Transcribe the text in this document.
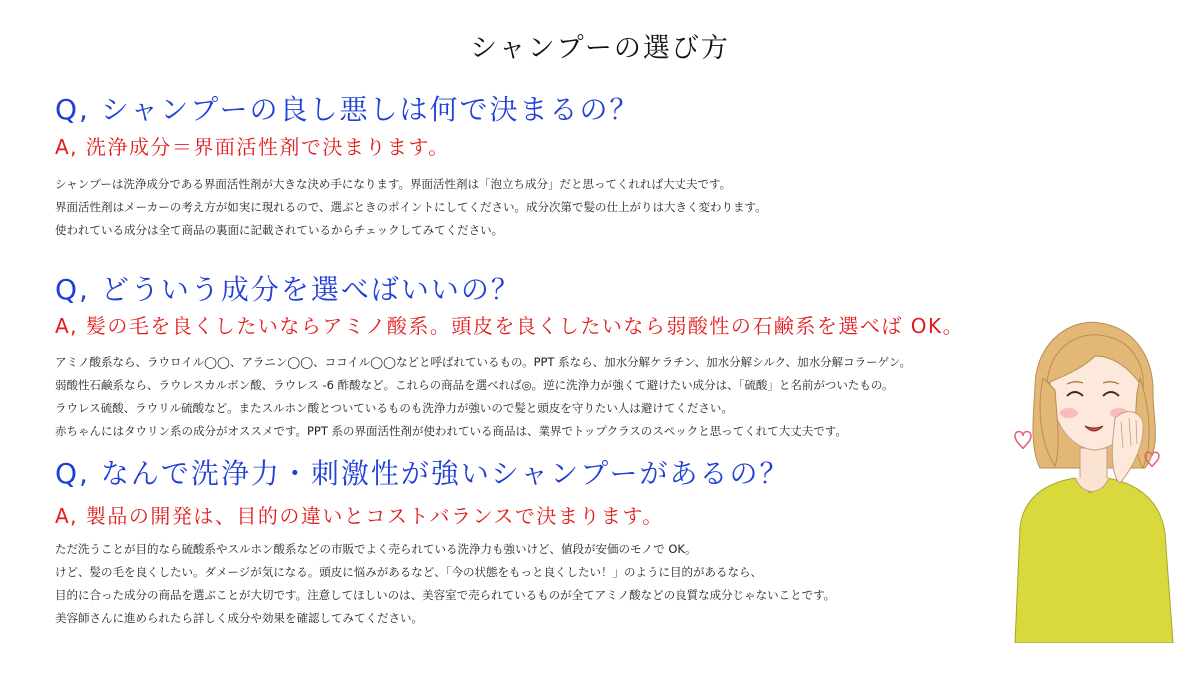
シャンプーの選び方
Q, シャンプーの良し悪しは何で決まるの？
A, 洗浄成分＝界面活性剤で決まります。
シャンプーは洗浄成分である界面活性剤が大きな決め手になります。界面活性剤は「泡立ち成分」だと思ってくれれば大丈夫です。
界面活性剤はメーカーの考え方が如実に現れるので、選ぶときのポイントにしてください。成分次第で髪の仕上がりは大きく変わります。
使われている成分は全て商品の裏面に記載されているからチェックしてみてください。
Q, どういう成分を選べばいいの？
A, 髪の毛を良くしたいならアミノ酸系。頭皮を良くしたいなら弱酸性の石鹸系を選べば OK。
アミノ酸系なら、ラウロイル◯◯、アラニン◯◯、ココイル◯◯などと呼ばれているもの。PPT 系なら、加水分解ケラチン、加水分解シルク、加水分解コラーゲン。
弱酸性石鹸系なら、ラウレスカルボン酸、ラウレス -6 酢酸など。これらの商品を選べれば◎。逆に洗浄力が強くて避けたい成分は、「硫酸」と名前がついたもの。
ラウレス硫酸、ラウリル硫酸など。またスルホン酸とついているものも洗浄力が強いので髪と頭皮を守りたい人は避けてください。
赤ちゃんにはタウリン系の成分がオススメです。PPT 系の界面活性剤が使われている商品は、業界でトップクラスのスペックと思ってくれて大丈夫です。
Q, なんで洗浄力・刺激性が強いシャンプーがあるの？
A, 製品の開発は、目的の違いとコストバランスで決まります。
ただ洗うことが目的なら硫酸系やスルホン酸系などの市販でよく売られている洗浄力も強いけど、値段が安価のモノで OK。
けど、髪の毛を良くしたい。ダメージが気になる。頭皮に悩みがあるなど、「今の状態をもっと良くしたい！」のように目的があるなら、
目的に合った成分の商品を選ぶことが大切です。注意してほしいのは、美容室で売られているものが全てアミノ酸などの良質な成分じゃないことです。
美容師さんに進められたら詳しく成分や効果を確認してみてください。
